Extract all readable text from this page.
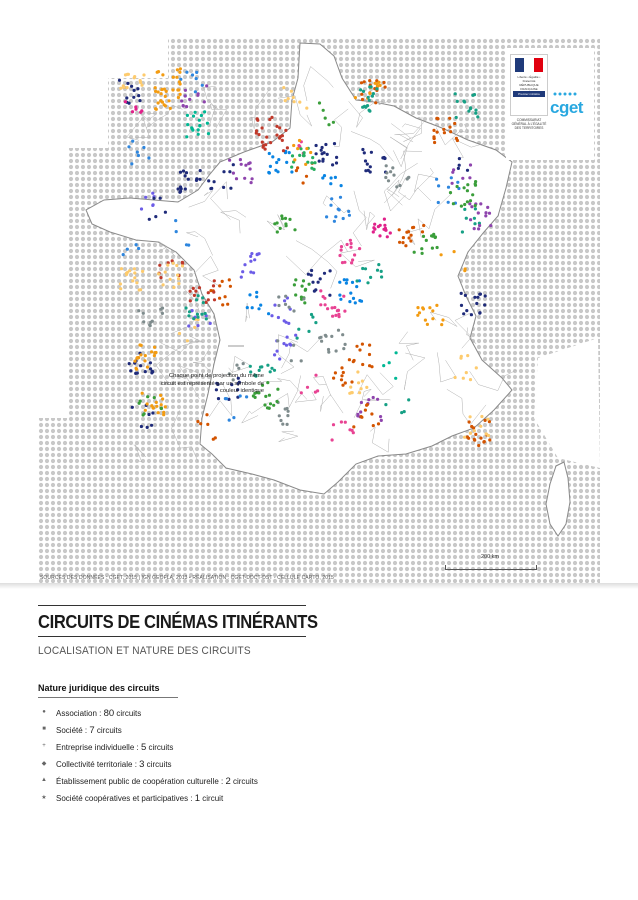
Liberté • Égalité • Fraternité RÉPUBLIQUE FRANÇAISE
Premier ministre
COMMISSARIAT GÉNÉRAL À L'ÉGALITÉ DES TERRITOIRES
cget
Chaque point de projection du même circuit est représenté par un symbole de couleur identique
200 km
SOURCES DES DONNÉES : CGET, 2015 | IGN GEOFLA, 2013 • RÉALISATION : CGET-DDCT-DST - CELLULE CARTO, 2015
CIRCUITS DE CINÉMAS ITINÉRANTS
LOCALISATION ET NATURE DES CIRCUITS
Nature juridique des circuits
●	Association : 80 circuits
■	Société : 7 circuits
+	Entreprise individuelle : 5 circuits
◆	Collectivité territoriale : 3 circuits
▲	Établissement public de coopération culturelle : 2 circuits
★	Société coopératives et participatives : 1 circuit
